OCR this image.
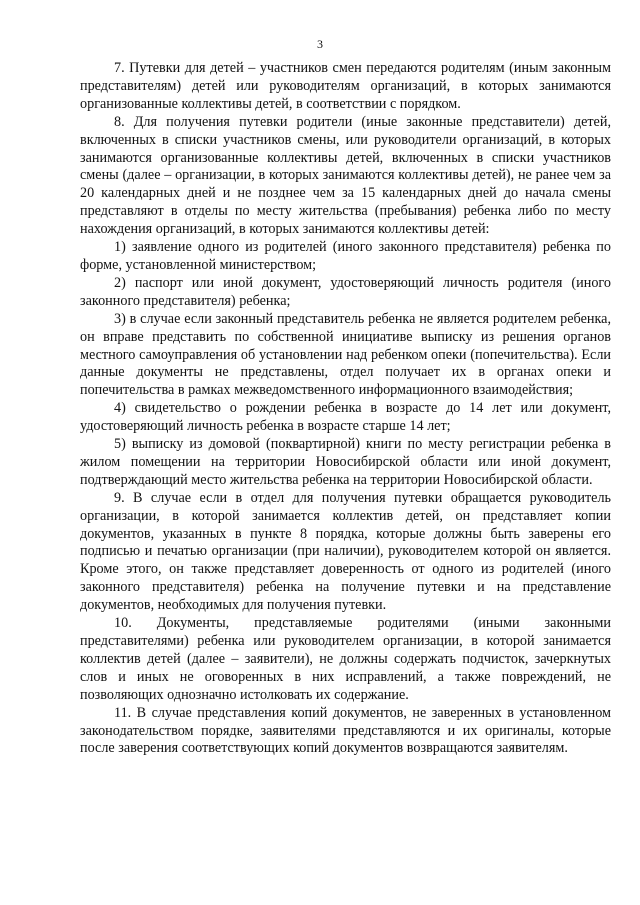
3

7. Путевки для детей – участников смен передаются родителям (иным законным представителям) детей или руководителям организаций, в которых занимаются организованные коллективы детей, в соответствии с порядком.

8. Для получения путевки родители (иные законные представители) детей, включенных в списки участников смены, или руководители организаций, в которых занимаются организованные коллективы детей, включенных в списки участников смены (далее – организации, в которых занимаются коллективы детей), не ранее чем за 20 календарных дней и не позднее чем за 15 календарных дней до начала смены представляют в отделы по месту жительства (пребывания) ребенка либо по месту нахождения организаций, в которых занимаются коллективы детей:

1) заявление одного из родителей (иного законного представителя) ребенка по форме, установленной министерством;

2) паспорт или иной документ, удостоверяющий личность родителя (иного законного представителя) ребенка;

3) в случае если законный представитель ребенка не является родителем ребенка, он вправе представить по собственной инициативе выписку из решения органов местного самоуправления об установлении над ребенком опеки (попечительства). Если данные документы не представлены, отдел получает их в органах опеки и попечительства в рамках межведомственного информационного взаимодействия;

4) свидетельство о рождении ребенка в возрасте до 14 лет или документ, удостоверяющий личность ребенка в возрасте старше 14 лет;

5) выписку из домовой (поквартирной) книги по месту регистрации ребенка в жилом помещении на территории Новосибирской области или иной документ, подтверждающий место жительства ребенка на территории Новосибирской области.

9. В случае если в отдел для получения путевки обращается руководитель организации, в которой занимается коллектив детей, он представляет копии документов, указанных в пункте 8 порядка, которые должны быть заверены его подписью и печатью организации (при наличии), руководителем которой он является. Кроме этого, он также представляет доверенность от одного из родителей (иного законного представителя) ребенка на получение путевки и на представление документов, необходимых для получения путевки.

10. Документы, представляемые родителями (иными законными представителями) ребенка или руководителем организации, в которой занимается коллектив детей (далее – заявители), не должны содержать подчисток, зачеркнутых слов и иных не оговоренных в них исправлений, а также повреждений, не позволяющих однозначно истолковать их содержание.

11. В случае представления копий документов, не заверенных в установленном законодательством порядке, заявителями представляются и их оригиналы, которые после заверения соответствующих копий документов возвращаются заявителям.
